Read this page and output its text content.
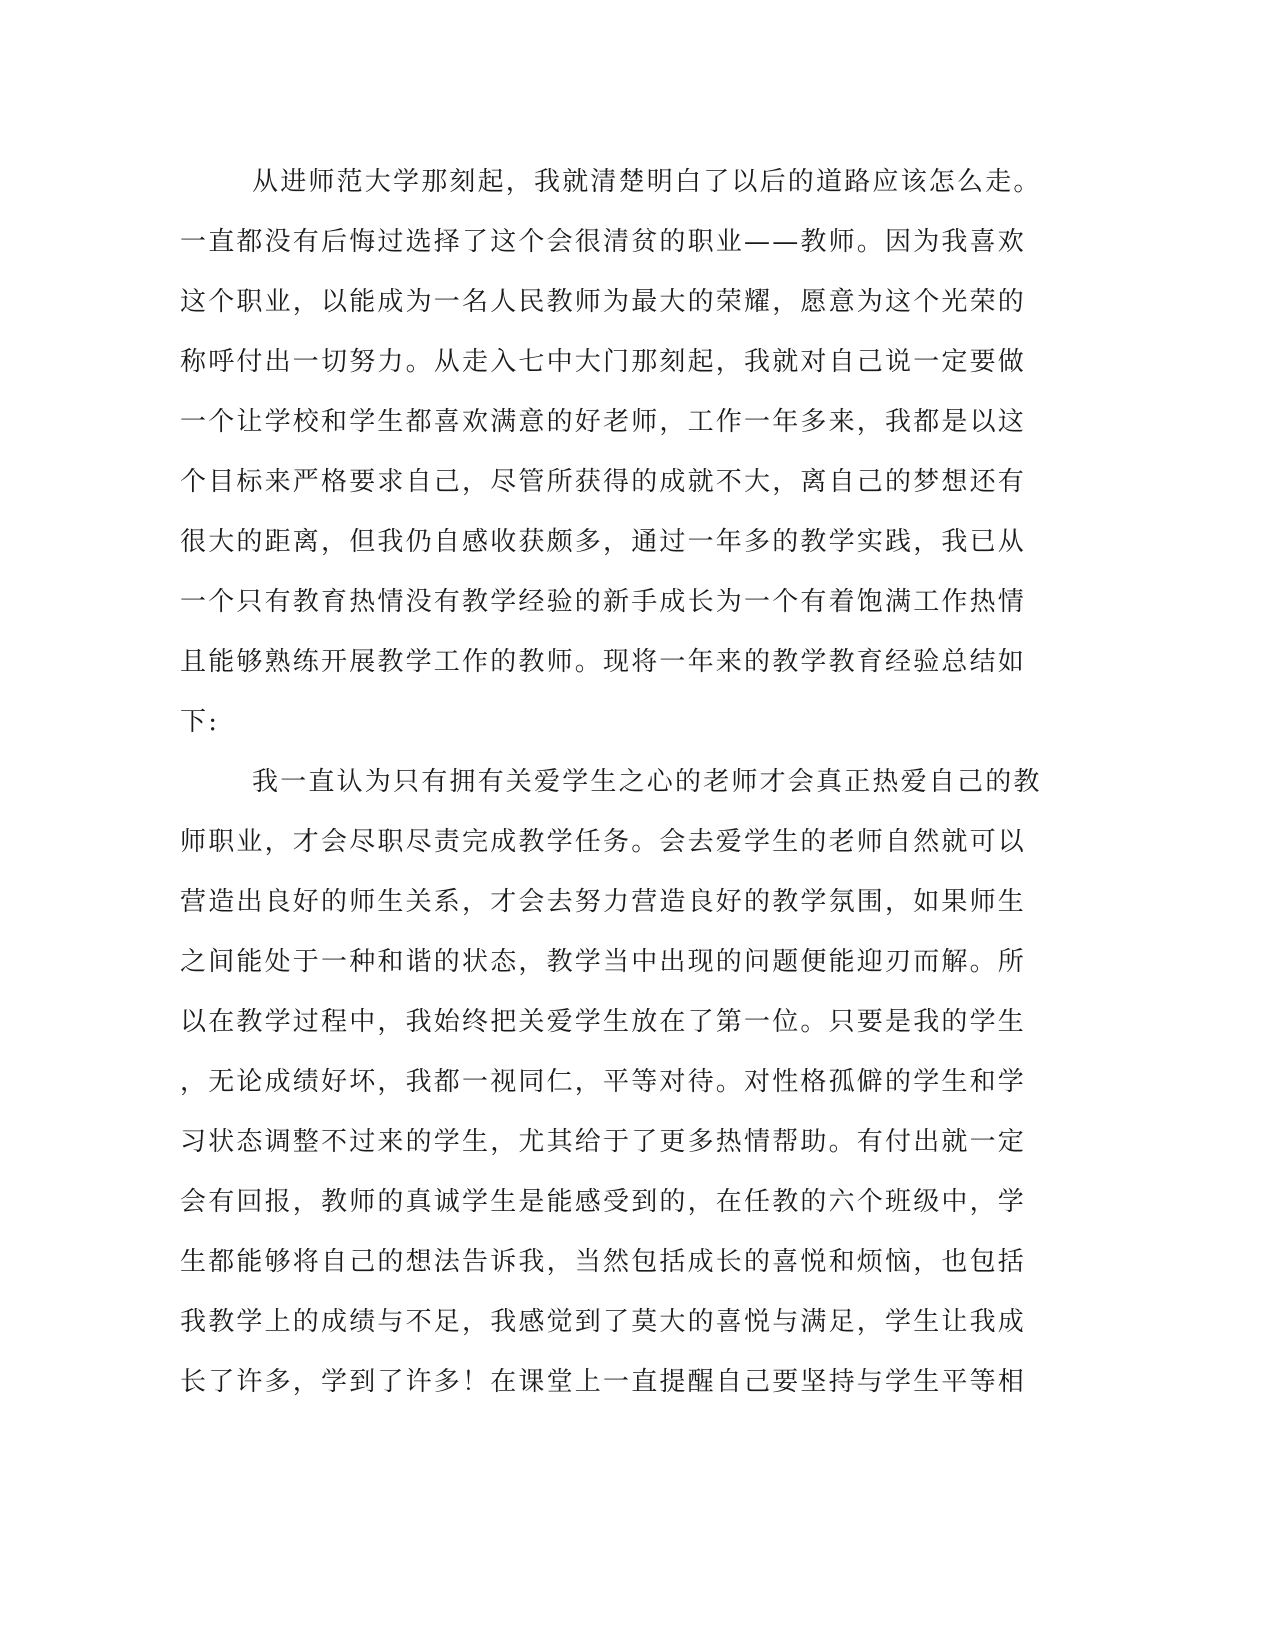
从进师范大学那刻起，我就清楚明白了以后的道路应该怎么走。
一直都没有后悔过选择了这个会很清贫的职业——教师。因为我喜欢
这个职业，以能成为一名人民教师为最大的荣耀，愿意为这个光荣的
称呼付出一切努力。从走入七中大门那刻起，我就对自己说一定要做
一个让学校和学生都喜欢满意的好老师，工作一年多来，我都是以这
个目标来严格要求自己，尽管所获得的成就不大，离自己的梦想还有
很大的距离，但我仍自感收获颇多，通过一年多的教学实践，我已从
一个只有教育热情没有教学经验的新手成长为一个有着饱满工作热情
且能够熟练开展教学工作的教师。现将一年来的教学教育经验总结如
下:
我一直认为只有拥有关爱学生之心的老师才会真正热爱自己的教
师职业，才会尽职尽责完成教学任务。会去爱学生的老师自然就可以
营造出良好的师生关系，才会去努力营造良好的教学氛围，如果师生
之间能处于一种和谐的状态，教学当中出现的问题便能迎刃而解。所
以在教学过程中，我始终把关爱学生放在了第一位。只要是我的学生
，无论成绩好坏，我都一视同仁，平等对待。对性格孤僻的学生和学
习状态调整不过来的学生，尤其给于了更多热情帮助。有付出就一定
会有回报，教师的真诚学生是能感受到的，在任教的六个班级中，学
生都能够将自己的想法告诉我，当然包括成长的喜悦和烦恼，也包括
我教学上的成绩与不足，我感觉到了莫大的喜悦与满足，学生让我成
长了许多，学到了许多！在课堂上一直提醒自己要坚持与学生平等相
